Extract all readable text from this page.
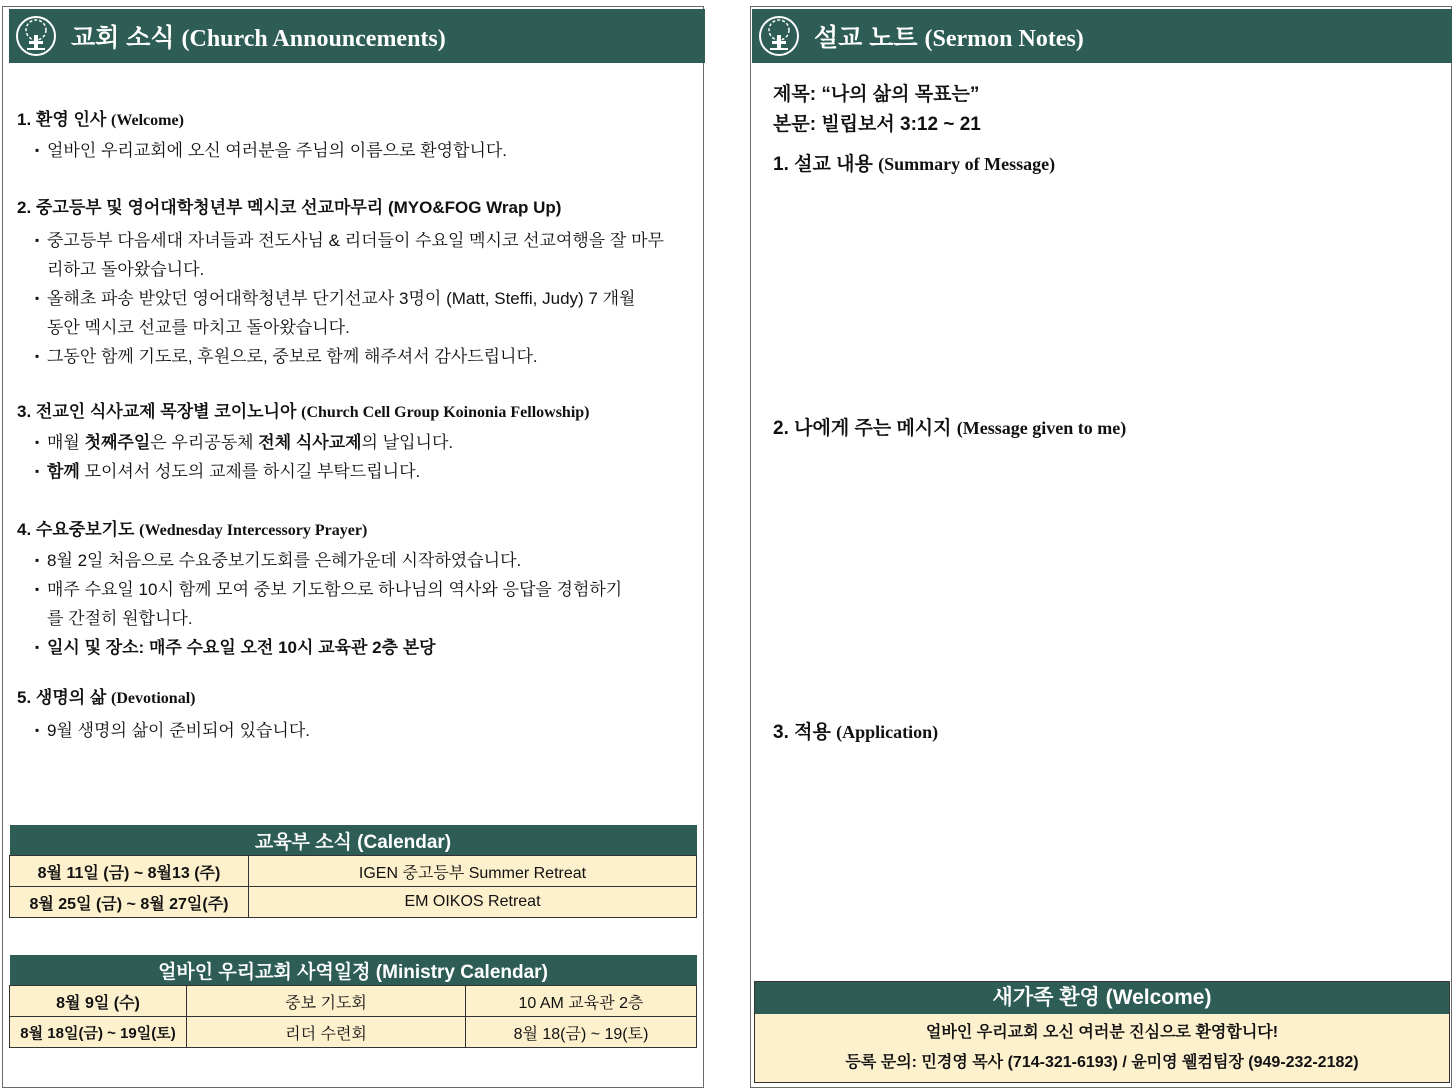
교회 소식 (Church Announcements)
1. 환영 인사 (Welcome)
▪ 얼바인 우리교회에 오신 여러분을 주님의 이름으로 환영합니다.
2. 중고등부 및 영어대학청년부 멕시코 선교마무리 (MYO&FOG Wrap Up)
▪ 중고등부 다음세대 자녀들과 전도사님 & 리더들이 수요일 멕시코 선교여행을 잘 마무리하고 돌아왔습니다.
▪ 올해초 파송 받았던 영어대학청년부 단기선교사 3명이 (Matt, Steffi, Judy) 7 개월동안 멕시코 선교를 마치고 돌아왔습니다.
▪ 그동안 함께 기도로, 후원으로, 중보로 함께 해주셔서 감사드립니다.
3. 전교인 식사교제 목장별 코이노니아 (Church Cell Group Koinonia Fellowship)
▪ 매월 첫째주일은 우리공동체 전체 식사교제의 날입니다.
▪ 함께 모이셔서 성도의 교제를 하시길 부탁드립니다.
4. 수요중보기도 (Wednesday Intercessory Prayer)
▪ 8월 2일 처음으로 수요중보기도회를 은혜가운데 시작하였습니다.
▪ 매주 수요일 10시 함께 모여 중보 기도함으로 하나님의 역사와 응답을 경험하기를 간절히 원합니다.
▪ 일시 및 장소: 매주 수요일 오전 10시 교육관 2층 본당
5. 생명의 삶 (Devotional)
▪ 9월 생명의 삶이 준비되어 있습니다.
교육부 소식 (Calendar)	
8월 11일 (금) ~ 8월13 (주)	IGEN 중고등부 Summer Retreat
8월 25일 (금) ~ 8월 27일(주)	EM OIKOS Retreat
얼바인 우리교회 사역일정 (Ministry Calendar)		
8월 9일 (수)	중보 기도회	10 AM 교육관 2층
8월 18일(금) ~ 19일(토)	리더 수련회	8월 18(금) ~ 19(토)
설교 노트 (Sermon Notes)
제목: “나의 삶의 목표는”
본문: 빌립보서 3:12 ~ 21
1. 설교 내용 (Summary of Message)
2. 나에게 주는 메시지 (Message given to me)
3. 적용 (Application)
새가족 환영 (Welcome)
얼바인 우리교회 오신 여러분 진심으로 환영합니다!
등록 문의: 민경영 목사 (714-321-6193) / 윤미영 웰컴팀장 (949-232-2182)
